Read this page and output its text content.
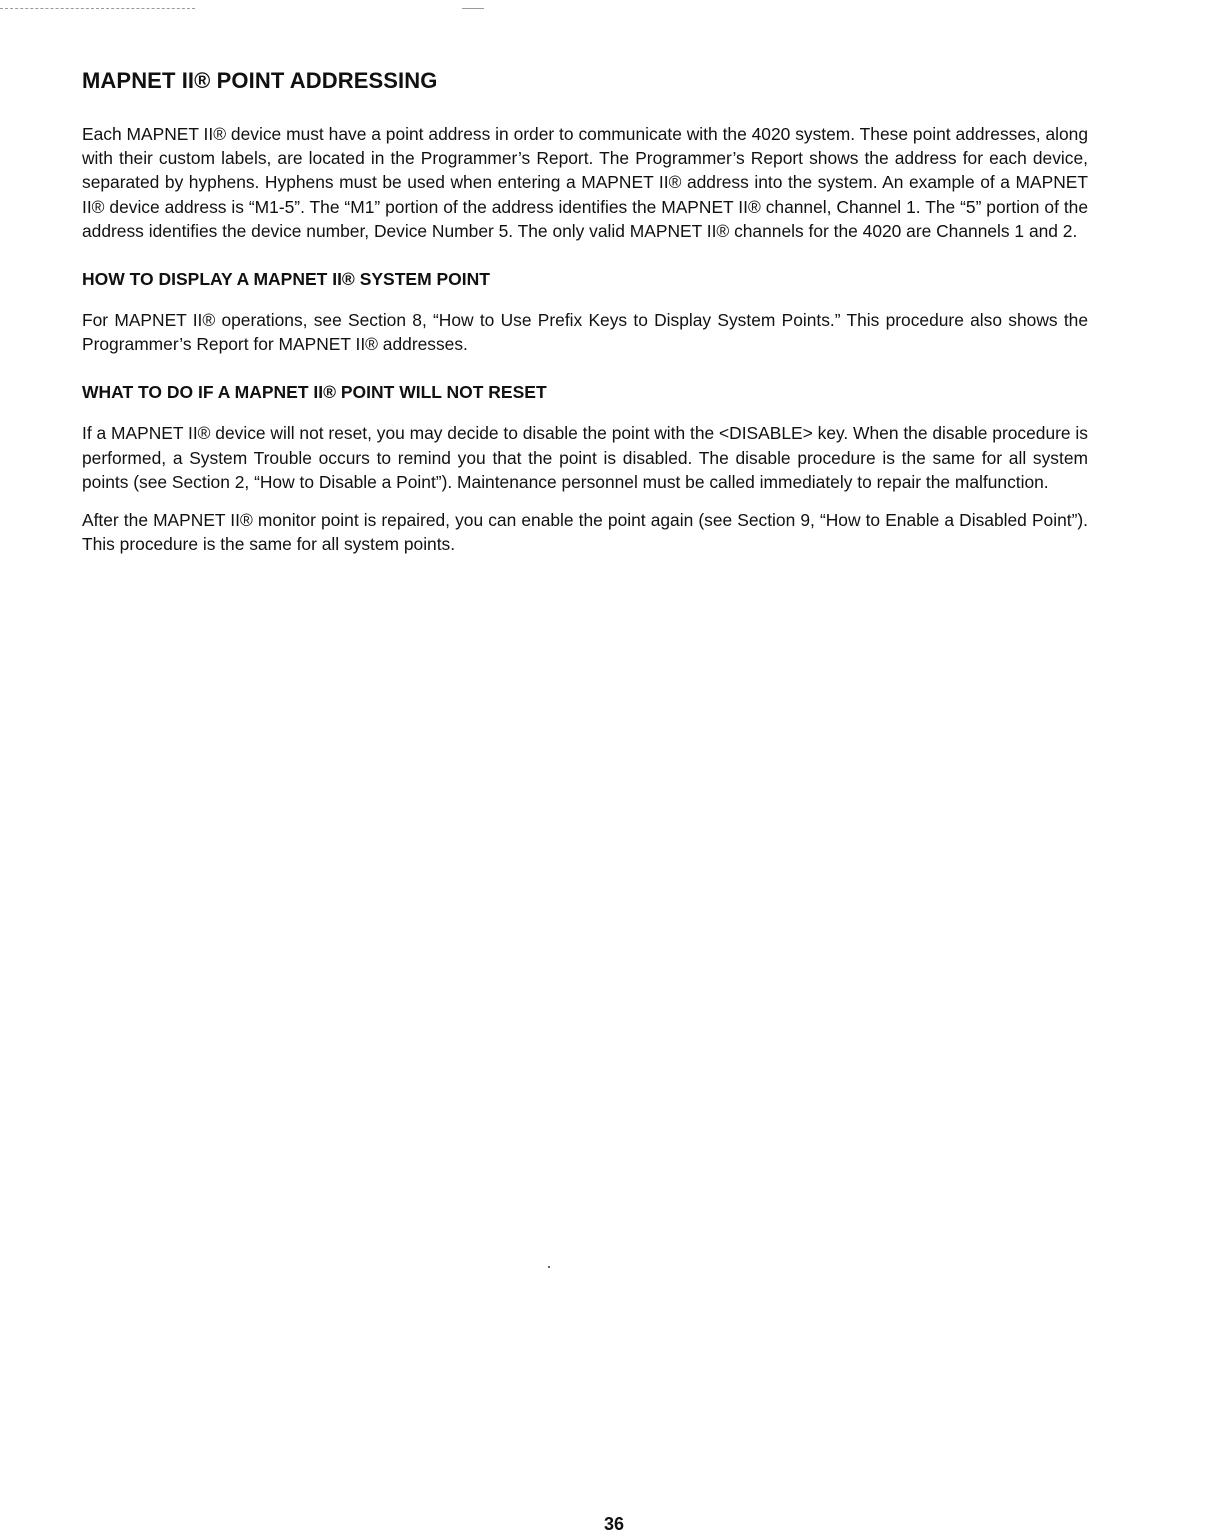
MAPNET II® POINT ADDRESSING

Each MAPNET II® device must have a point address in order to communicate with the 4020 system. These point addresses, along with their custom labels, are located in the Programmer’s Report. The Programmer’s Report shows the address for each device, separated by hyphens. Hyphens must be used when entering a MAPNET II® address into the system. An example of a MAPNET II® device address is “M1-5”. The “M1” portion of the address identifies the MAPNET II® channel, Channel 1. The “5” portion of the address identifies the device number, Device Number 5. The only valid MAPNET II® channels for the 4020 are Channels 1 and 2.

HOW TO DISPLAY A MAPNET II® SYSTEM POINT

For MAPNET II® operations, see Section 8, “How to Use Prefix Keys to Display System Points.” This procedure also shows the Programmer’s Report for MAPNET II® addresses.

WHAT TO DO IF A MAPNET II® POINT WILL NOT RESET

If a MAPNET II® device will not reset, you may decide to disable the point with the <DISABLE> key. When the disable procedure is performed, a System Trouble occurs to remind you that the point is disabled. The disable procedure is the same for all system points (see Section 2, “How to Disable a Point”). Maintenance personnel must be called immediately to repair the malfunction.

After the MAPNET II® monitor point is repaired, you can enable the point again (see Section 9, “How to Enable a Disabled Point”). This procedure is the same for all system points.

36
